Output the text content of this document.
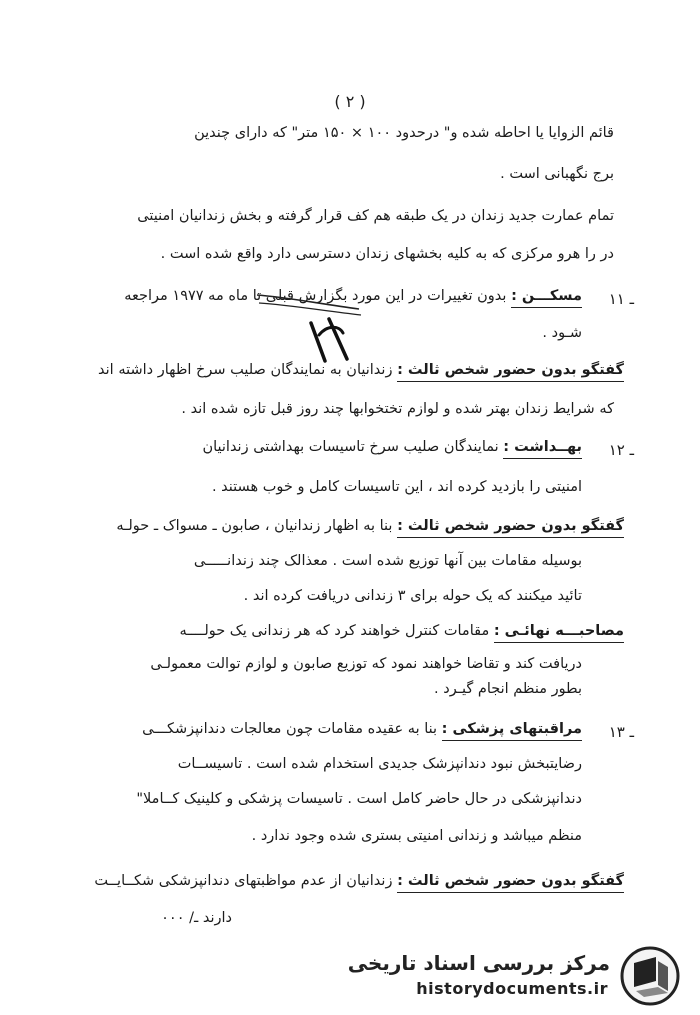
( ۲ )
قائم الزوایا یا احاطه شده و" درحدود ۱۰۰ × ۱۵۰ متر" که دارای چندین
برج نگهبانی است .
تمام عمارت جدید زندان در یک طبقه هم کف قرار گرفته و بخش زندانیان امنیتی
در را هرو مرکزی که به کلیه بخشهای زندان دسترسی دارد واقع شده است .
۱۱ ـ
مسکـــن : بدون تغییرات در این مورد بگزارش قبلی تا ماه مه ۱۹۷۷ مراجعه
شـود .
گفتگو بدون حضور شخص ثالث : زندانیان به نمایندگان صلیب سرخ اظهار داشته اند
که شرایط زندان بهتر شده و لوازم تختخوابها چند روز قبل تازه شده اند .
۱۲ ـ
بهــداشت : نمایندگان صلیب سرخ تاسیسات بهداشتی زندانیان
امنیتی را بازدید کرده اند ، این تاسیسات کامل و خوب هستند .
گفتگو بدون حضور شخص ثالث : بنا به اظهار زندانیان ، صابون ـ مسواک ـ حولـه
بوسیله مقامات بین آنها توزیع شده است . معذالک چند زندانـــــی
تائید میکنند که یک حوله برای ۳ زندانی دریافت کرده اند .
مصاحبـــه نهائـی : مقامات کنترل خواهند کرد که هر زندانی یک حولــــه
دریافت کند و تقاضا خواهند نمود که توزیع صابون و لوازم توالت معمولـی
بطور منظم انجام گیـرد .
۱۳ ـ
مراقبتهای پزشکی : بنا به عقیده مقامات چون معالجات دندانپزشکـــی
رضایتبخش نبود دندانپزشک جدیدی استخدام شده است . تاسیســات
دندانپزشکی در حال حاضر کامل است . تاسیسات پزشکی و کلینیک کــاملا"
منظم میباشد و زندانی امنیتی بستری شده وجود ندارد .
گفتگو بدون حضور شخص ثالث : زندانیان از عدم مواظبتهای دندانپزشکی شکــایــت
دارند ـ/ ۰۰۰
مرکز بررسی اسناد تاریخی
historydocuments.ir
